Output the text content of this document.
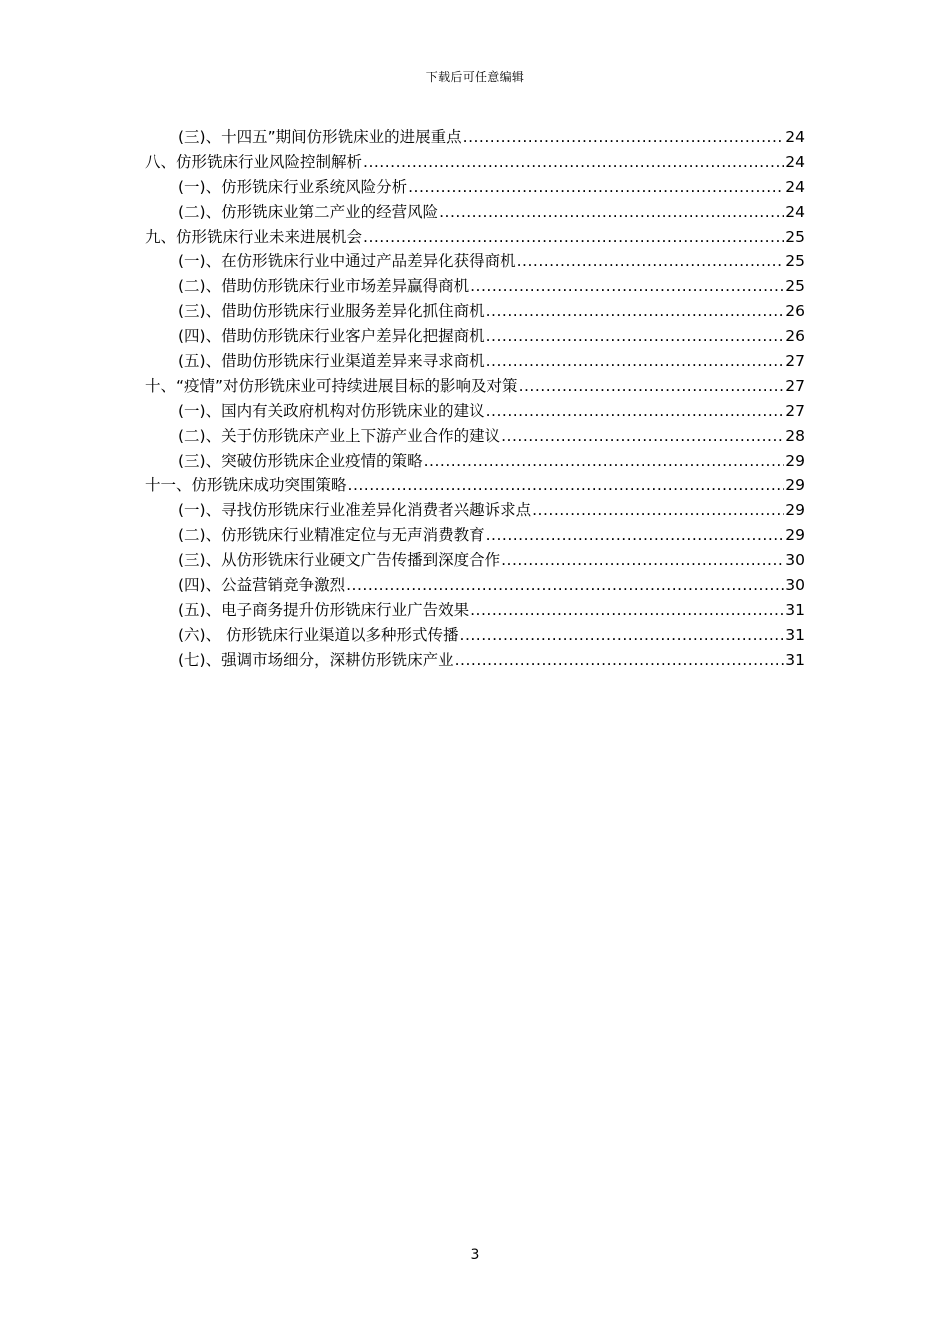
下载后可任意编辑
(三)、十四五”期间仿形铣床业的进展重点 .....	24
八、仿形铣床行业风险控制解析 .....	24
(一)、仿形铣床行业系统风险分析 .....	24
(二)、仿形铣床业第二产业的经营风险 .....	24
九、仿形铣床行业未来进展机会 .....	25
(一)、在仿形铣床行业中通过产品差异化获得商机 .....	25
(二)、借助仿形铣床行业市场差异赢得商机 .....	25
(三)、借助仿形铣床行业服务差异化抓住商机 .....	26
(四)、借助仿形铣床行业客户差异化把握商机 .....	26
(五)、借助仿形铣床行业渠道差异来寻求商机 .....	27
十、“疫情”对仿形铣床业可持续进展目标的影响及对策 .....	27
(一)、国内有关政府机构对仿形铣床业的建议 .....	27
(二)、关于仿形铣床产业上下游产业合作的建议 .....	28
(三)、突破仿形铣床企业疫情的策略 .....	29
十一、仿形铣床成功突围策略 .....	29
(一)、寻找仿形铣床行业准差异化消费者兴趣诉求点 .....	29
(二)、仿形铣床行业精准定位与无声消费教育 .....	29
(三)、从仿形铣床行业硬文广告传播到深度合作 .....	30
(四)、公益营销竞争激烈 .....	30
(五)、电子商务提升仿形铣床行业广告效果 .....	31
(六)、 仿形铣床行业渠道以多种形式传播 .....	31
(七)、强调市场细分，深耕仿形铣床产业 .....	31
3
